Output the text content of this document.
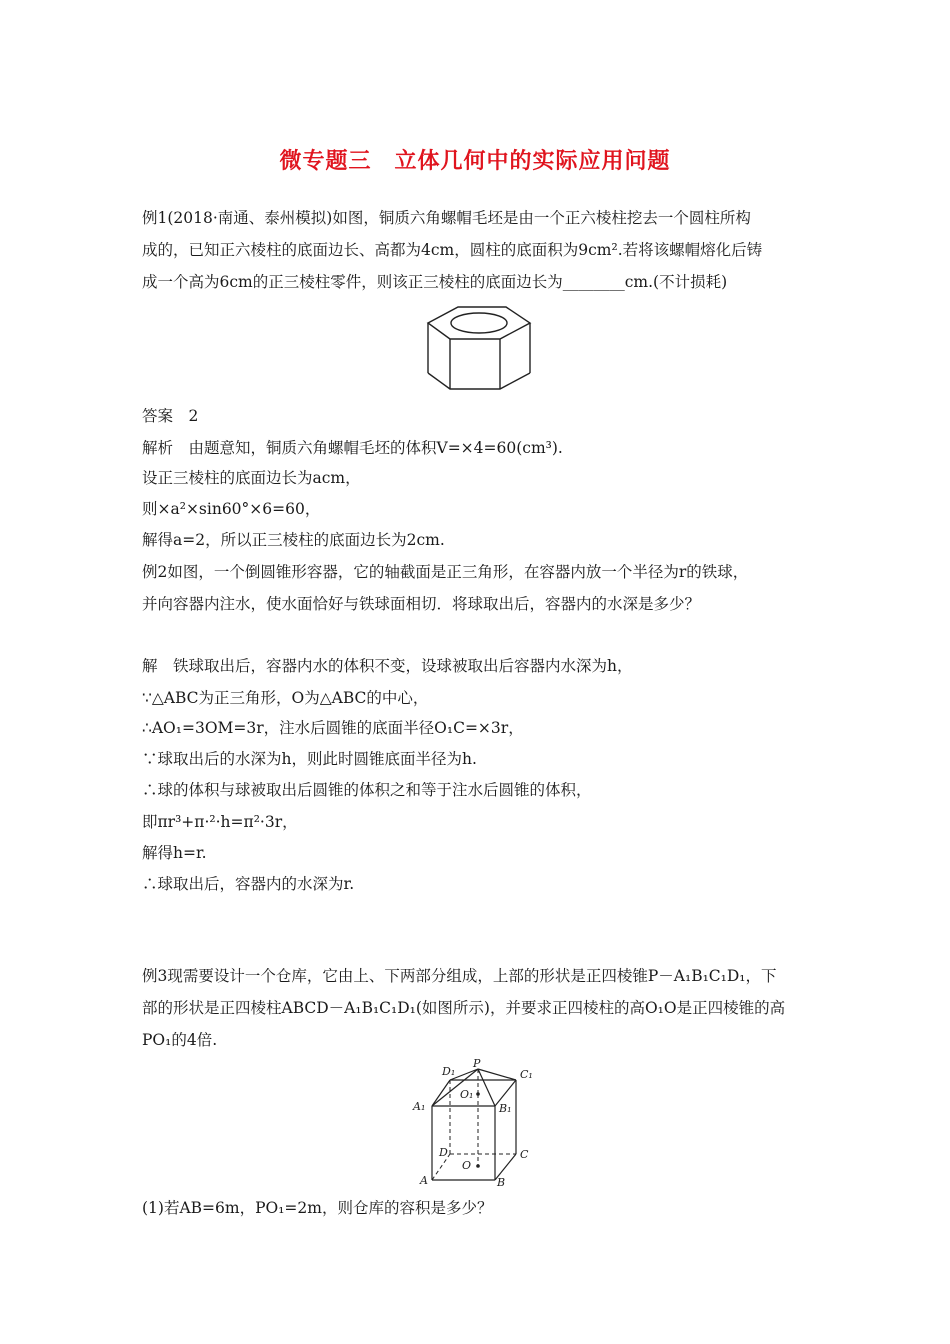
微专题三　立体几何中的实际应用问题
例1(2018·南通、泰州模拟)如图，铜质六角螺帽毛坯是由一个正六棱柱挖去一个圆柱所构
成的，已知正六棱柱的底面边长、高都为4cm，圆柱的底面积为9cm².若将该螺帽熔化后铸
成一个高为6cm的正三棱柱零件，则该正三棱柱的底面边长为________cm.(不计损耗)
答案　2
解析　由题意知，铜质六角螺帽毛坯的体积V=×4=60(cm³).
设正三棱柱的底面边长为acm，
则×a²×sin60°×6=60，
解得a=2，所以正三棱柱的底面边长为2cm.
例2如图，一个倒圆锥形容器，它的轴截面是正三角形，在容器内放一个半径为r的铁球，
并向容器内注水，使水面恰好与铁球面相切．将球取出后，容器内的水深是多少？
解　铁球取出后，容器内水的体积不变，设球被取出后容器内水深为h，
∵△ABC为正三角形，O为△ABC的中心，
∴AO₁=3OM=3r，注水后圆锥的底面半径O₁C=×3r，
∵球取出后的水深为h，则此时圆锥底面半径为h.
∴球的体积与球被取出后圆锥的体积之和等于注水后圆锥的体积，
即πr³+π·²·h=π²·3r，
解得h=r.
∴球取出后，容器内的水深为r.
例3现需要设计一个仓库，它由上、下两部分组成，上部的形状是正四棱锥P－A₁B₁C₁D₁，下
部的形状是正四棱柱ABCD－A₁B₁C₁D₁(如图所示)，并要求正四棱柱的高O₁O是正四棱锥的高
PO₁的4倍.
P
D₁	C₁
O₁
A₁	B₁
D	C
O
A	B
(1)若AB=6m，PO₁=2m，则仓库的容积是多少？
